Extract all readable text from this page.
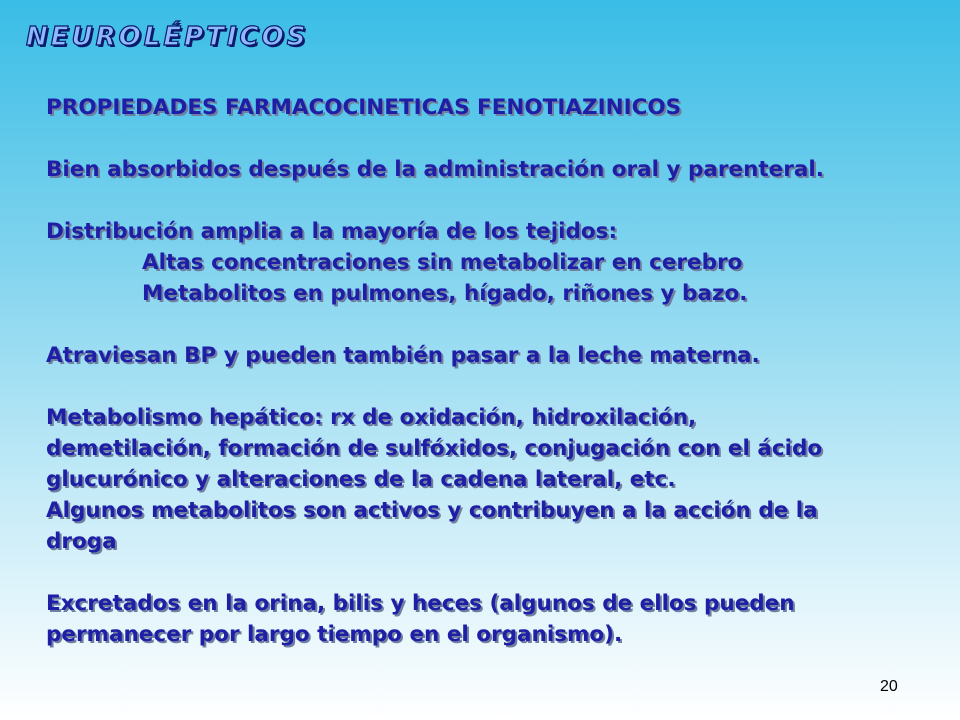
NEUROLÉPTICOS
PROPIEDADES FARMACOCINETICAS FENOTIAZINICOS
Bien absorbidos después de la administración oral y parenteral.
Distribución amplia a la mayoría de los tejidos:
Altas concentraciones sin metabolizar en cerebro
Metabolitos en pulmones, hígado, riñones y bazo.
Atraviesan BP y pueden también pasar a la leche materna.
Metabolismo hepático: rx de oxidación, hidroxilación,
demetilación, formación de sulfóxidos, conjugación con el ácido
glucurónico y alteraciones de la cadena lateral, etc.
Algunos metabolitos son activos y contribuyen a la acción de la
droga
Excretados en la orina, bilis y heces (algunos de ellos pueden
permanecer por largo tiempo en el organismo).
20
